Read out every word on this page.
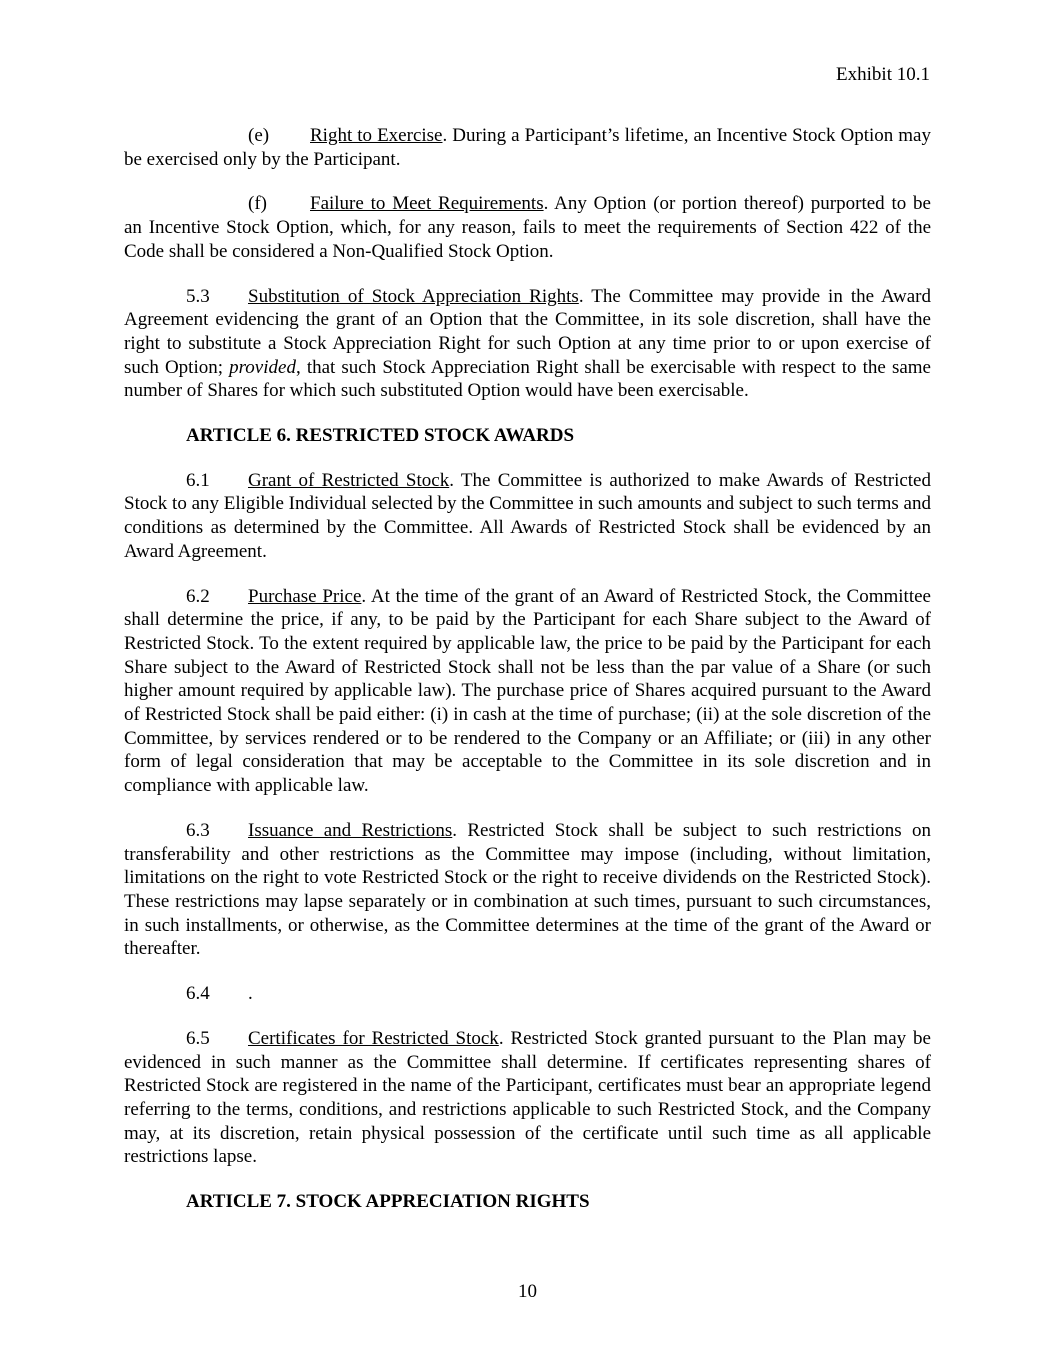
Exhibit 10.1

(e) Right to Exercise. During a Participant’s lifetime, an Incentive Stock Option may be exercised only by the Participant.

(f) Failure to Meet Requirements. Any Option (or portion thereof) purported to be an Incentive Stock Option, which, for any reason, fails to meet the requirements of Section 422 of the Code shall be considered a Non-Qualified Stock Option.

5.3 Substitution of Stock Appreciation Rights. The Committee may provide in the Award Agreement evidencing the grant of an Option that the Committee, in its sole discretion, shall have the right to substitute a Stock Appreciation Right for such Option at any time prior to or upon exercise of such Option; provided, that such Stock Appreciation Right shall be exercisable with respect to the same number of Shares for which such substituted Option would have been exercisable.

ARTICLE 6. RESTRICTED STOCK AWARDS

6.1 Grant of Restricted Stock. The Committee is authorized to make Awards of Restricted Stock to any Eligible Individual selected by the Committee in such amounts and subject to such terms and conditions as determined by the Committee. All Awards of Restricted Stock shall be evidenced by an Award Agreement.

6.2 Purchase Price. At the time of the grant of an Award of Restricted Stock, the Committee shall determine the price, if any, to be paid by the Participant for each Share subject to the Award of Restricted Stock. To the extent required by applicable law, the price to be paid by the Participant for each Share subject to the Award of Restricted Stock shall not be less than the par value of a Share (or such higher amount required by applicable law). The purchase price of Shares acquired pursuant to the Award of Restricted Stock shall be paid either: (i) in cash at the time of purchase; (ii) at the sole discretion of the Committee, by services rendered or to be rendered to the Company or an Affiliate; or (iii) in any other form of legal consideration that may be acceptable to the Committee in its sole discretion and in compliance with applicable law.

6.3 Issuance and Restrictions. Restricted Stock shall be subject to such restrictions on transferability and other restrictions as the Committee may impose (including, without limitation, limitations on the right to vote Restricted Stock or the right to receive dividends on the Restricted Stock). These restrictions may lapse separately or in combination at such times, pursuant to such circumstances, in such installments, or otherwise, as the Committee determines at the time of the grant of the Award or thereafter.

6.4 .

6.5 Certificates for Restricted Stock. Restricted Stock granted pursuant to the Plan may be evidenced in such manner as the Committee shall determine. If certificates representing shares of Restricted Stock are registered in the name of the Participant, certificates must bear an appropriate legend referring to the terms, conditions, and restrictions applicable to such Restricted Stock, and the Company may, at its discretion, retain physical possession of the certificate until such time as all applicable restrictions lapse.

ARTICLE 7. STOCK APPRECIATION RIGHTS
10
